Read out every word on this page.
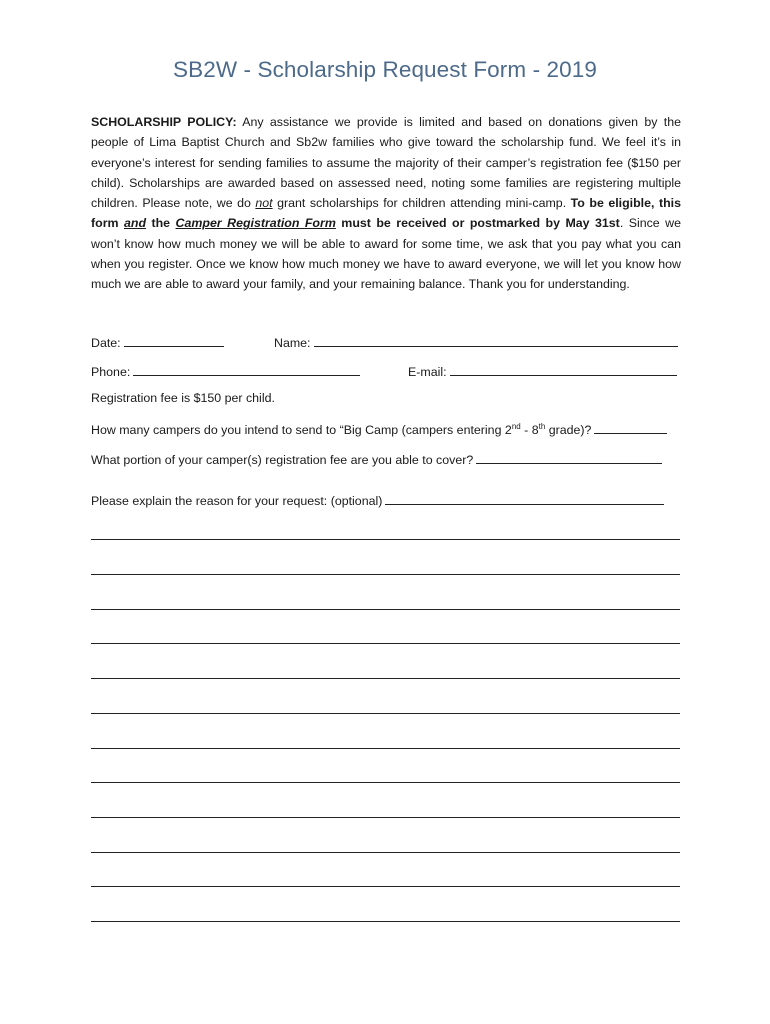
SB2W - Scholarship Request Form - 2019

SCHOLARSHIP POLICY: Any assistance we provide is limited and based on donations given by the people of Lima Baptist Church and Sb2w families who give toward the scholarship fund. We feel it’s in everyone’s interest for sending families to assume the majority of their camper’s registration fee ($150 per child). Scholarships are awarded based on assessed need, noting some families are registering multiple children. Please note, we do not grant scholarships for children attending mini-camp. To be eligible, this form and the Camper Registration Form must be received or postmarked by May 31st. Since we won’t know how much money we will be able to award for some time, we ask that you pay what you can when you register. Once we know how much money we have to award everyone, we will let you know how much we are able to award your family, and your remaining balance. Thank you for understanding.

Date:	Name:
Phone:	E-mail:
Registration fee is $150 per child.
How many campers do you intend to send to “Big Camp (campers entering 2nd - 8th grade)?
What portion of your camper(s) registration fee are you able to cover?
Please explain the reason for your request: (optional)
